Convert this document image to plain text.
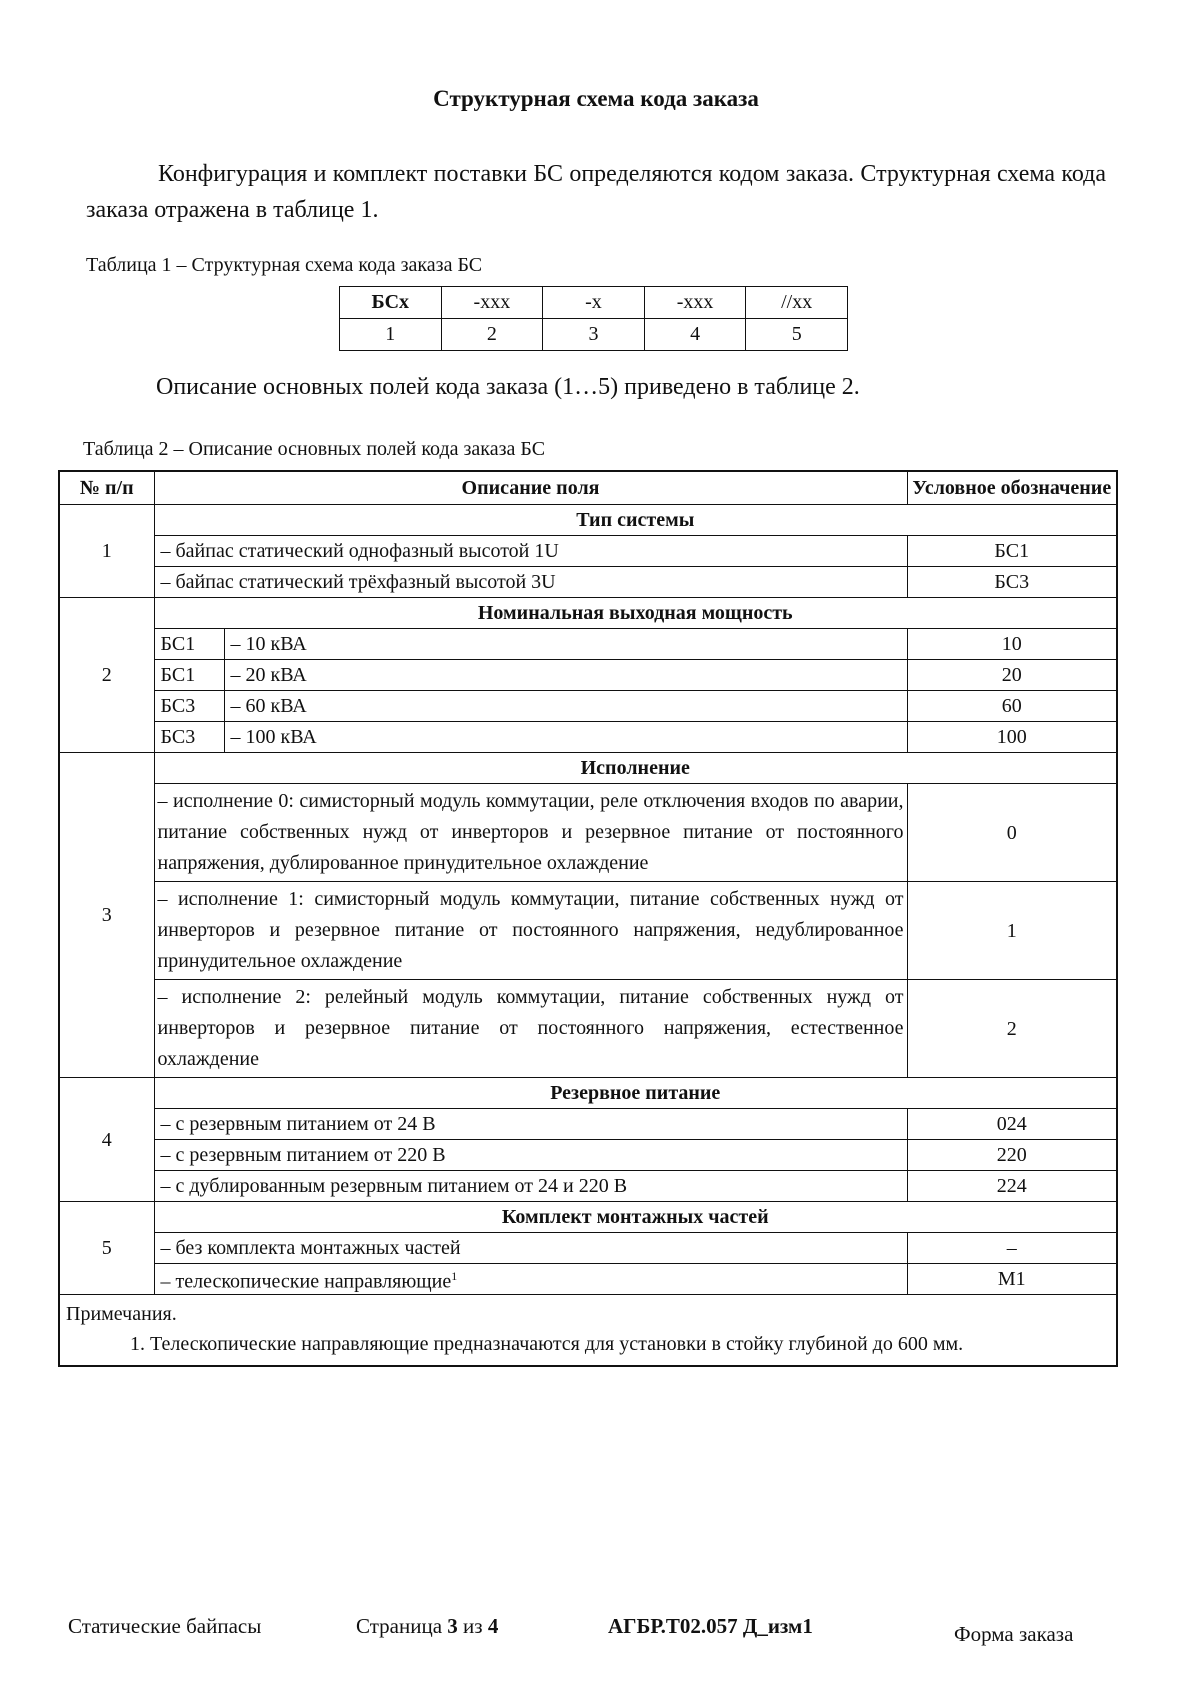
Структурная схема кода заказа

Конфигурация и комплект поставки БС определяются кодом заказа. Структурная схема кода заказа отражена в таблице 1.

Таблица 1 – Структурная схема кода заказа БС
БСх	-ххх	-х	-ххх	//хх
1	2	3	4	5
Описание основных полей кода заказа (1…5) приведено в таблице 2.
Таблица 2 – Описание основных полей кода заказа БС
№ п/п	Описание поля		Условное обозначение
1	Тип системы		
	– байпас статический однофазный высотой 1U		БС1
	– байпас статический трёхфазный высотой 3U		БС3
2	Номинальная выходная мощность		
	БС1	– 10 кВА	10
	БС1	– 20 кВА	20
	БС3	– 60 кВА	60
	БС3	– 100 кВА	100
3	Исполнение		
	– исполнение 0: симисторный модуль коммутации, реле отключения входов по аварии, питание собственных нужд от инверторов и резервное питание от постоянного напряжения, дублированное принудительное охлаждение		0
	– исполнение 1: симисторный модуль коммутации, питание собственных нужд от инверторов и резервное питание от постоянного напряжения, недублированное принудительное охлаждение		1
	– исполнение 2: релейный модуль коммутации, питание собственных нужд от инверторов и резервное питание от постоянного напряжения, естественное охлаждение		2
4	Резервное питание		
	– с резервным питанием от 24 В		024
	– с резервным питанием от 220 В		220
	– с дублированным резервным питанием от 24 и 220 В		224
5	Комплект монтажных частей		
	– без комплекта монтажных частей		–
	– телескопические направляющие$^1$		М1

Примечания.
1. Телескопические направляющие предназначаются для установки в стойку глубиной до 600 мм.			
Статические байпасы	Страница 3 из 4	АГБР.Т02.057 Д_изм1	Форма заказа
